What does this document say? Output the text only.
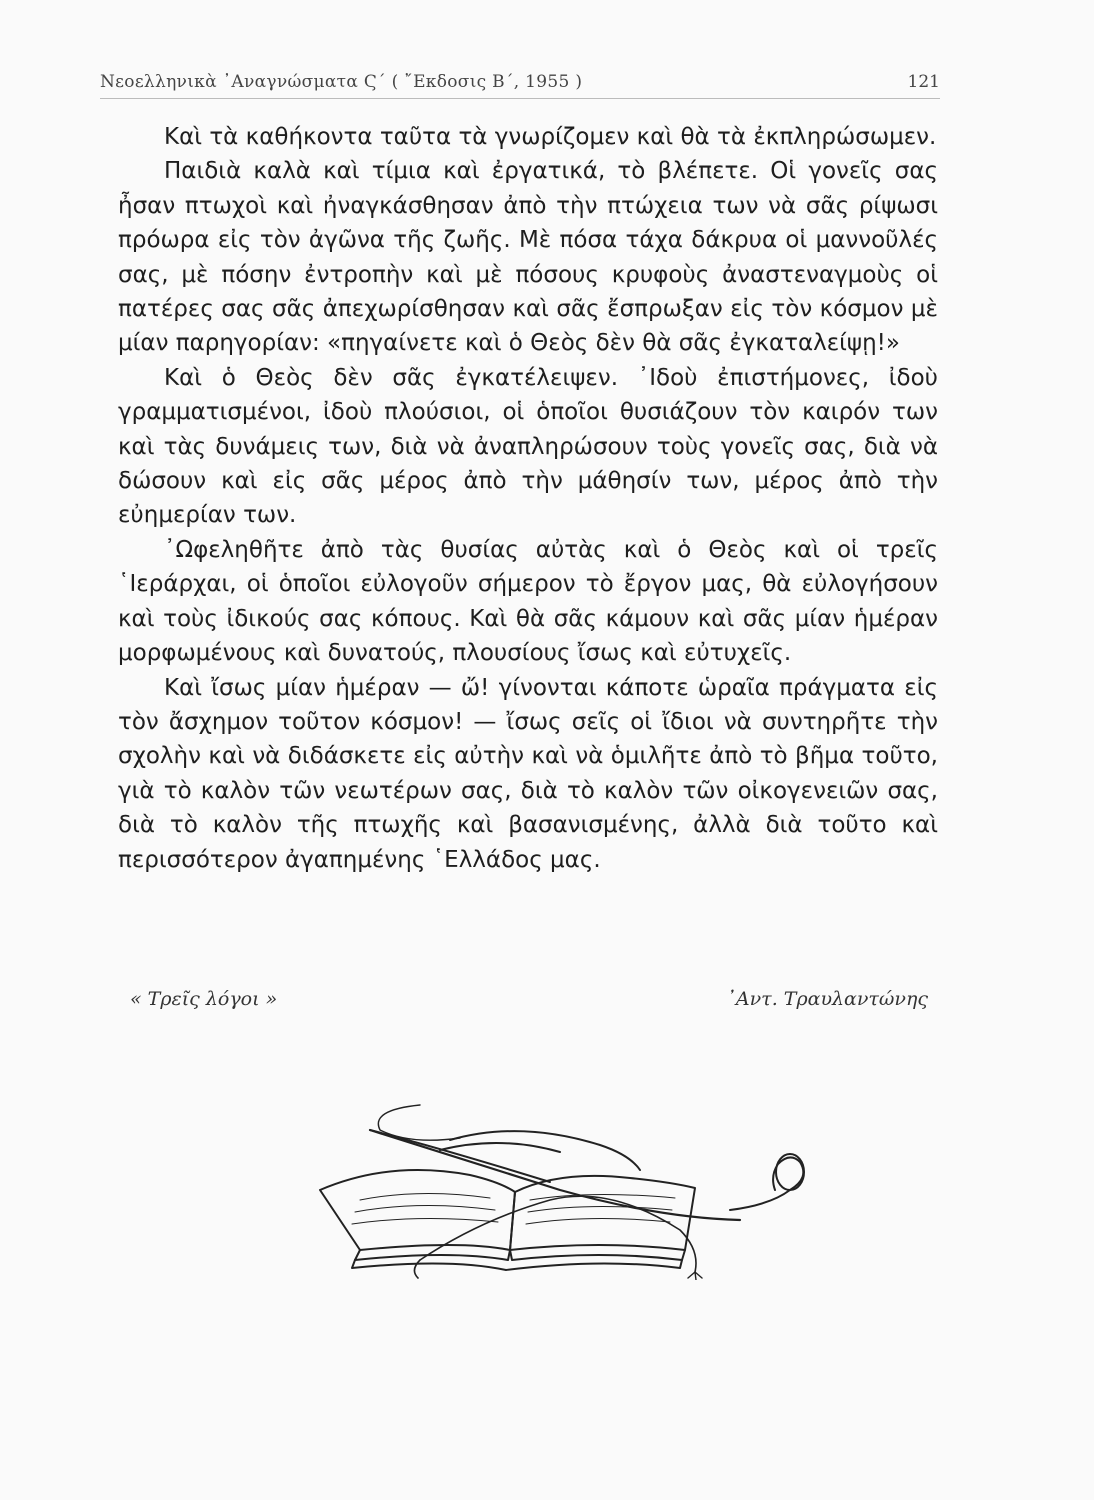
Νεοελληνικὰ ᾿Αναγνώσματα Ϛ΄ ( ῎Εκδοσις Β΄, 1955 )	121

Καὶ τὰ καθήκοντα ταῦτα τὰ γνωρίζομεν καὶ θὰ τὰ ἐκπληρώσωμεν.

Παιδιὰ καλὰ καὶ τίμια καὶ ἐργατικά, τὸ βλέπετε. Οἱ γονεῖς σας ἦσαν πτωχοὶ καὶ ἠναγκάσθησαν ἀπὸ τὴν πτώχεια των νὰ σᾶς ρίψωσι πρόωρα εἰς τὸν ἀγῶνα τῆς ζωῆς. Μὲ πόσα τάχα δάκρυα οἱ μαννοῦλές σας, μὲ πόσην ἐντροπὴν καὶ μὲ πόσους κρυφοὺς ἀναστεναγμοὺς οἱ πατέρες σας σᾶς ἀπεχωρίσθησαν καὶ σᾶς ἔσπρωξαν εἰς τὸν κόσμον μὲ μίαν παρηγορίαν: «πηγαίνετε καὶ ὁ Θεὸς δὲν θὰ σᾶς ἐγκαταλείψῃ!»

Καὶ ὁ Θεὸς δὲν σᾶς ἐγκατέλειψεν. ᾿Ιδοὺ ἐπιστήμονες, ἰδοὺ γραμματισμένοι, ἰδοὺ πλούσιοι, οἱ ὁποῖοι θυσιάζουν τὸν καιρόν των καὶ τὰς δυνάμεις των, διὰ νὰ ἀναπληρώσουν τοὺς γονεῖς σας, διὰ νὰ δώσουν καὶ εἰς σᾶς μέρος ἀπὸ τὴν μάθησίν των, μέρος ἀπὸ τὴν εὐημερίαν των.

᾿Ωφεληθῆτε ἀπὸ τὰς θυσίας αὐτὰς καὶ ὁ Θεὸς καὶ οἱ τρεῖς ῾Ιεράρχαι, οἱ ὁποῖοι εὐλογοῦν σήμερον τὸ ἔργον μας, θὰ εὐλογήσουν καὶ τοὺς ἰδικούς σας κόπους. Καὶ θὰ σᾶς κάμουν καὶ σᾶς μίαν ἡμέραν μορφωμένους καὶ δυνατούς, πλουσίους ἴσως καὶ εὐτυχεῖς.

Καὶ ἴσως μίαν ἡμέραν — ὤ! γίνονται κάποτε ὡραῖα πράγματα εἰς τὸν ἄσχημον τοῦτον κόσμον! — ἴσως σεῖς οἱ ἴδιοι νὰ συντηρῆτε τὴν σχολὴν καὶ νὰ διδάσκετε εἰς αὐτὴν καὶ νὰ ὁμιλῆτε ἀπὸ τὸ βῆμα τοῦτο, γιὰ τὸ καλὸν τῶν νεωτέρων σας, διὰ τὸ καλὸν τῶν οἰκογενειῶν σας, διὰ τὸ καλὸν τῆς πτωχῆς καὶ βασανισμένης, ἀλλὰ διὰ τοῦτο καὶ περισσότερον ἀγαπημένης ῾Ελλάδος μας.

« Τρεῖς λόγοι »	᾿Αντ. Τραυλαντώνης
